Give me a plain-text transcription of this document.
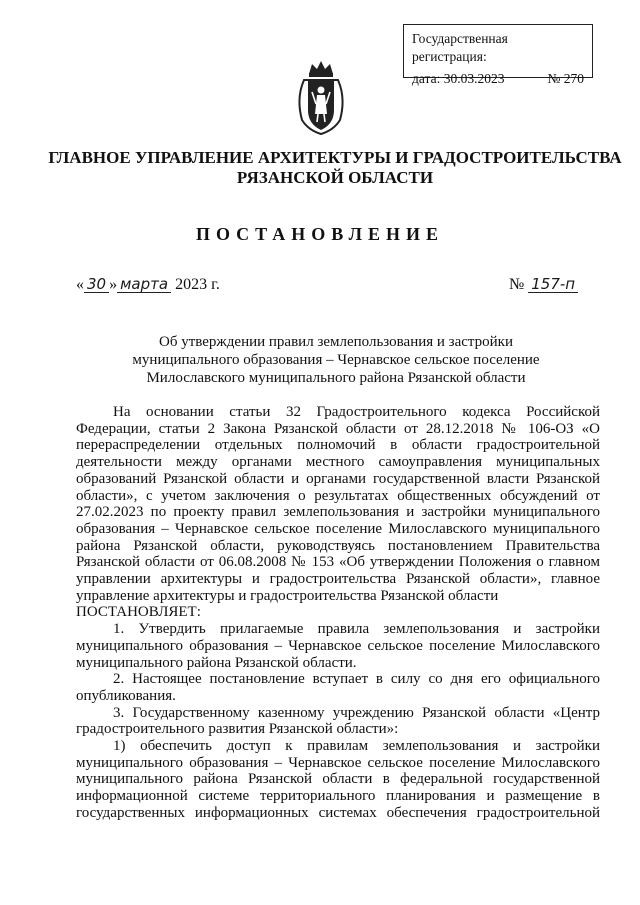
Государственная регистрация:
дата: 30.03.2023	№ 270
ГЛАВНОЕ УПРАВЛЕНИЕ АРХИТЕКТУРЫ И ГРАДОСТРОИТЕЛЬСТВА
РЯЗАНСКОЙ ОБЛАСТИ
ПОСТАНОВЛЕНИЕ
« 30 » марта 2023 г.	№ 157-п
Об утверждении правил землепользования и застройки
муниципального образования – Чернавское сельское поселение
Милославского муниципального района Рязанской области

На основании статьи 32 Градостроительного кодекса Российской Федерации, статьи 2 Закона Рязанской области от 28.12.2018 № 106-ОЗ «О перераспределении отдельных полномочий в области градостроительной деятельности между органами местного самоуправления муниципальных образований Рязанской области и органами государственной власти Рязанской области», с учетом заключения о результатах общественных обсуждений от 27.02.2023 по проекту правил землепользования и застройки муниципального образования – Чернавское сельское поселение Милославского муниципального района Рязанской области, руководствуясь постановлением Правительства Рязанской области от 06.08.2008 № 153 «Об утверждении Положения о главном управлении архитектуры и градостроительства Рязанской области», главное управление архитектуры и градостроительства Рязанской области

ПОСТАНОВЛЯЕТ:

1. Утвердить прилагаемые правила землепользования и застройки муниципального образования – Чернавское сельское поселение Милославского муниципального района Рязанской области.

2. Настоящее постановление вступает в силу со дня его официального опубликования.

3. Государственному казенному учреждению Рязанской области «Центр градостроительного развития Рязанской области»:

1) обеспечить доступ к правилам землепользования и застройки муниципального образования – Чернавское сельское поселение Милославского муниципального района Рязанской области в федеральной государственной информационной системе территориального планирования и размещение в государственных информационных системах обеспечения градостроительной
